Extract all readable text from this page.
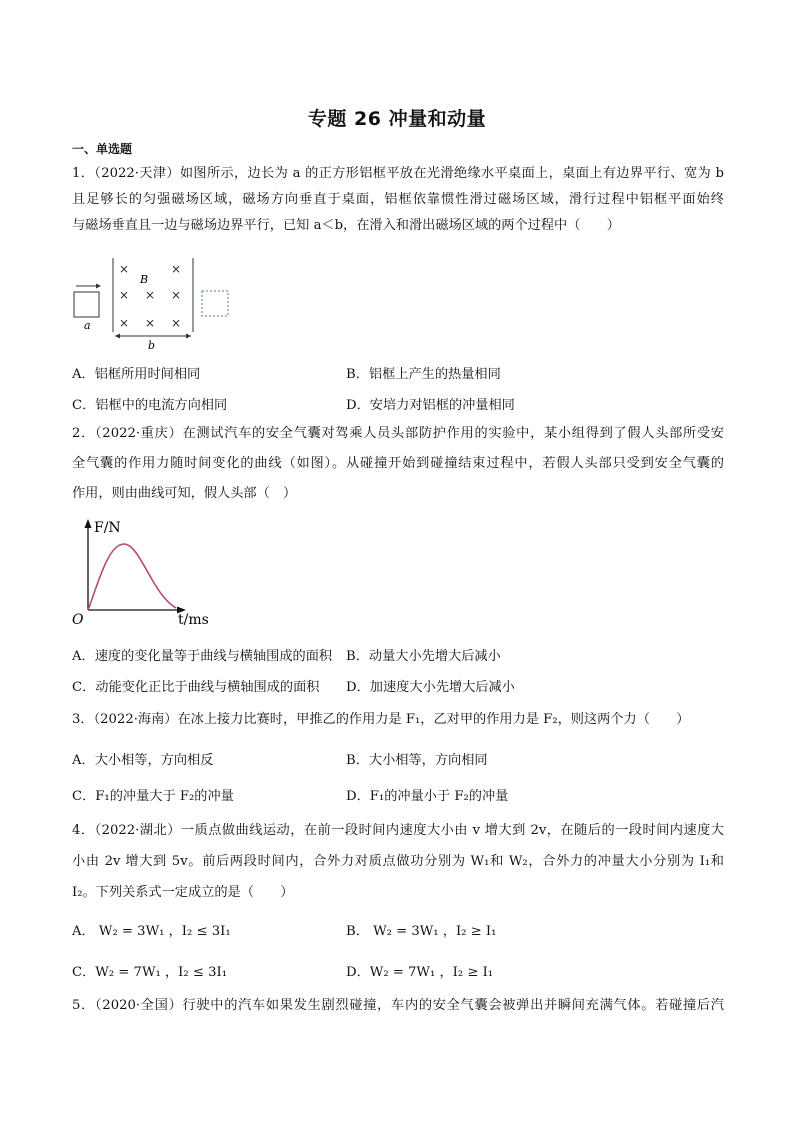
专题 26 冲量和动量
一、单选题
1．（2022·天津）如图所示，边长为 a 的正方形铝框平放在光滑绝缘水平桌面上，桌面上有边界平行、宽为 b
且足够长的匀强磁场区域，磁场方向垂直于桌面，铝框依靠惯性滑过磁场区域，滑行过程中铝框平面始终
与磁场垂直且一边与磁场边界平行，已知 a＜b，在滑入和滑出磁场区域的两个过程中（　　）
×	×
× × ×
× × ×
B
a
b
A．铝框所用时间相同	B．铝框上产生的热量相同
C．铝框中的电流方向相同	D．安培力对铝框的冲量相同
2．（2022·重庆）在测试汽车的安全气囊对驾乘人员头部防护作用的实验中，某小组得到了假人头部所受安
全气囊的作用力随时间变化的曲线（如图）。从碰撞开始到碰撞结束过程中，若假人头部只受到安全气囊的
作用，则由曲线可知，假人头部（　）
F/N
t/ms
O
A．速度的变化量等于曲线与横轴围成的面积 B．动量大小先增大后减小
C．动能变化正比于曲线与横轴围成的面积 D．加速度大小先增大后减小
3．（2022·海南）在冰上接力比赛时，甲推乙的作用力是 F₁，乙对甲的作用力是 F₂，则这两个力（　　）
A．大小相等，方向相反	B．大小相等，方向相同
C．F₁的冲量大于 F₂的冲量	D．F₁的冲量小于 F₂的冲量
4．（2022·湖北）一质点做曲线运动，在前一段时间内速度大小由 v 增大到 2v，在随后的一段时间内速度大
小由 2v 增大到 5v。前后两段时间内，合外力对质点做功分别为 W₁和 W₂，合外力的冲量大小分别为 I₁和
I₂。下列关系式一定成立的是（　　）
A． W₂ = 3W₁ ，I₂ ≤ 3I₁	B． W₂ = 3W₁ ，I₂ ≥ I₁
C．W₂ = 7W₁ ，I₂ ≤ 3I₁	D．W₂ = 7W₁ ，I₂ ≥ I₁
5．（2020·全国）行驶中的汽车如果发生剧烈碰撞，车内的安全气囊会被弹出并瞬间充满气体。若碰撞后汽
